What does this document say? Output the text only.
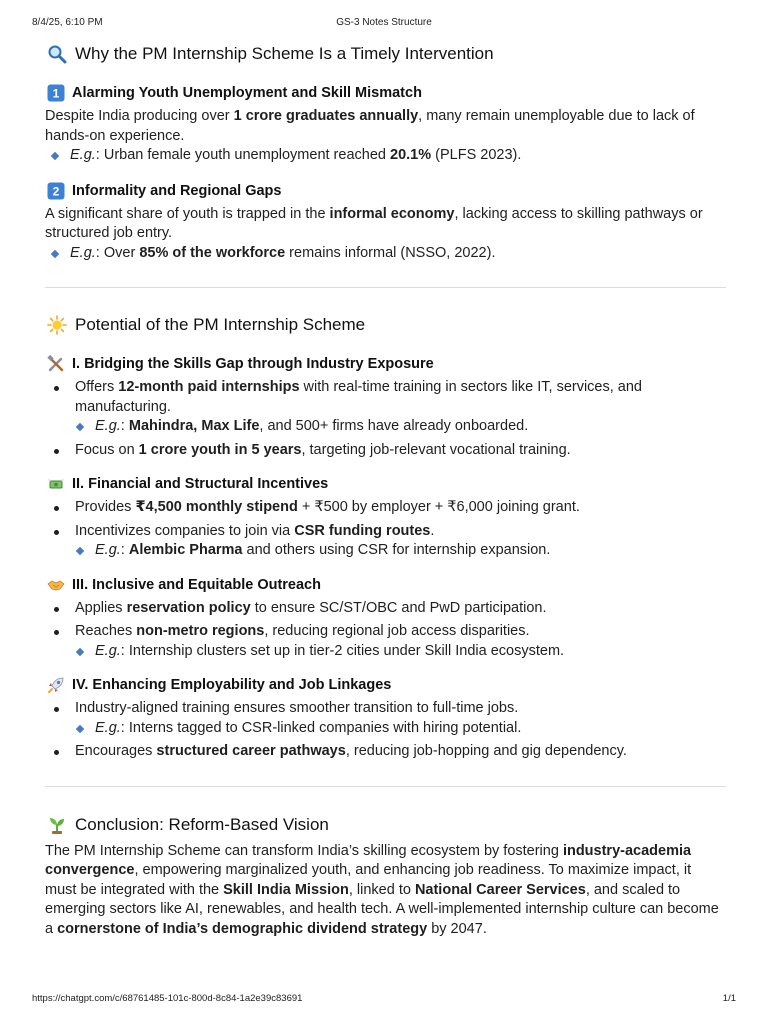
8/4/25, 6:10 PM	GS-3 Notes Structure
Why the PM Internship Scheme Is a Timely Intervention
1 Alarming Youth Unemployment and Skill Mismatch

Despite India producing over 1 crore graduates annually, many remain unemployable due to lack of hands-on experience.

E.g.: Urban female youth unemployment reached 20.1% (PLFS 2023).
2 Informality and Regional Gaps

A significant share of youth is trapped in the informal economy, lacking access to skilling pathways or structured job entry.

E.g.: Over 85% of the workforce remains informal (NSSO, 2022).
Potential of the PM Internship Scheme
I. Bridging the Skills Gap through Industry Exposure
Offers 12-month paid internships with real-time training in sectors like IT, services, and manufacturing.
E.g.: Mahindra, Max Life, and 500+ firms have already onboarded.
Focus on 1 crore youth in 5 years, targeting job-relevant vocational training.
II. Financial and Structural Incentives
Provides ₹4,500 monthly stipend + ₹500 by employer + ₹6,000 joining grant.
Incentivizes companies to join via CSR funding routes.
E.g.: Alembic Pharma and others using CSR for internship expansion.
III. Inclusive and Equitable Outreach
Applies reservation policy to ensure SC/ST/OBC and PwD participation.
Reaches non-metro regions, reducing regional job access disparities.
E.g.: Internship clusters set up in tier-2 cities under Skill India ecosystem.
IV. Enhancing Employability and Job Linkages
Industry-aligned training ensures smoother transition to full-time jobs.
E.g.: Interns tagged to CSR-linked companies with hiring potential.
Encourages structured career pathways, reducing job-hopping and gig dependency.
Conclusion: Reform-Based Vision

The PM Internship Scheme can transform India’s skilling ecosystem by fostering industry-academia convergence, empowering marginalized youth, and enhancing job readiness. To maximize impact, it must be integrated with the Skill India Mission, linked to National Career Services, and scaled to emerging sectors like AI, renewables, and health tech. A well-implemented internship culture can become a cornerstone of India’s demographic dividend strategy by 2047.

https://chatgpt.com/c/68761485-101c-800d-8c84-1a2e39c83691	1/1
